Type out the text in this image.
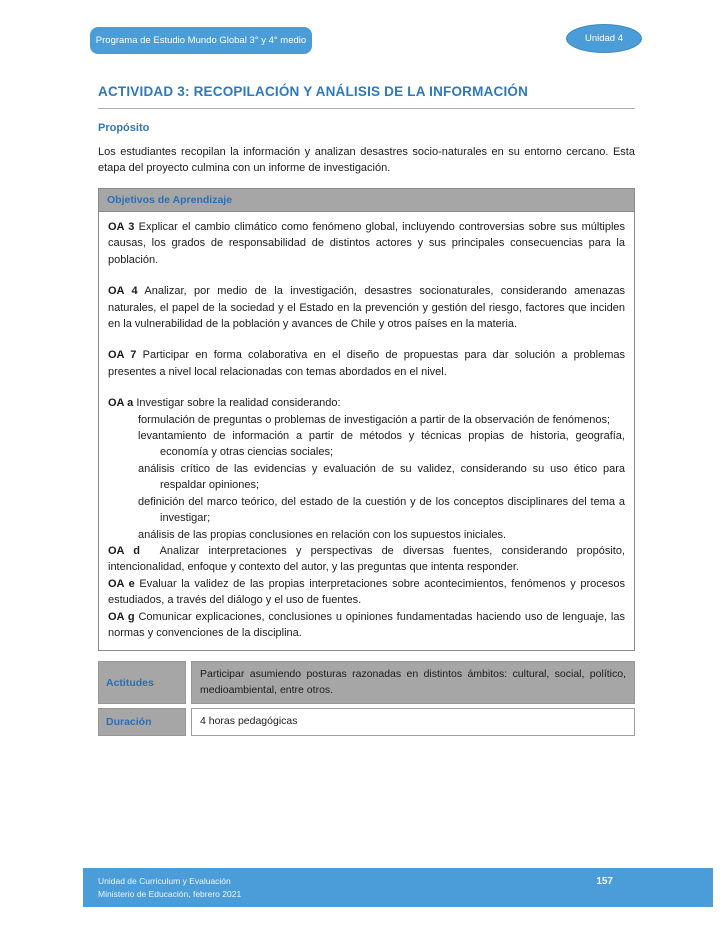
Programa de Estudio Mundo Global 3° y 4° medio	Unidad 4
ACTIVIDAD 3: RECOPILACIÓN Y ANÁLISIS DE LA INFORMACIÓN
Propósito

Los estudiantes recopilan la información y analizan desastres socio-naturales en su entorno cercano. Esta etapa del proyecto culmina con un informe de investigación.

Objetivos de Aprendizaje
OA 3 Explicar el cambio climático como fenómeno global, incluyendo controversias sobre sus múltiples causas, los grados de responsabilidad de distintos actores y sus principales consecuencias para la población.
OA 4 Analizar, por medio de la investigación, desastres socionaturales, considerando amenazas naturales, el papel de la sociedad y el Estado en la prevención y gestión del riesgo, factores que inciden en la vulnerabilidad de la población y avances de Chile y otros países en la materia.
OA 7 Participar en forma colaborativa en el diseño de propuestas para dar solución a problemas presentes a nivel local relacionadas con temas abordados en el nivel.
OA a Investigar sobre la realidad considerando:
formulación de preguntas o problemas de investigación a partir de la observación de fenómenos;
levantamiento de información a partir de métodos y técnicas propias de historia, geografía, economía y otras ciencias sociales;
análisis crítico de las evidencias y evaluación de su validez, considerando su uso ético para respaldar opiniones;
definición del marco teórico, del estado de la cuestión y de los conceptos disciplinares del tema a investigar;
análisis de las propias conclusiones en relación con los supuestos iniciales.
OA d Analizar interpretaciones y perspectivas de diversas fuentes, considerando propósito, intencionalidad, enfoque y contexto del autor, y las preguntas que intenta responder.
OA e Evaluar la validez de las propias interpretaciones sobre acontecimientos, fenómenos y procesos estudiados, a través del diálogo y el uso de fuentes.
OA g Comunicar explicaciones, conclusiones u opiniones fundamentadas haciendo uso de lenguaje, las normas y convenciones de la disciplina.
Actitudes
Participar asumiendo posturas razonadas en distintos ámbitos: cultural, social, político, medioambiental, entre otros.
Duración	4 horas pedagógicas
Unidad de Curriculum y Evaluación
Ministerio de Educación, febrero 2021
157
